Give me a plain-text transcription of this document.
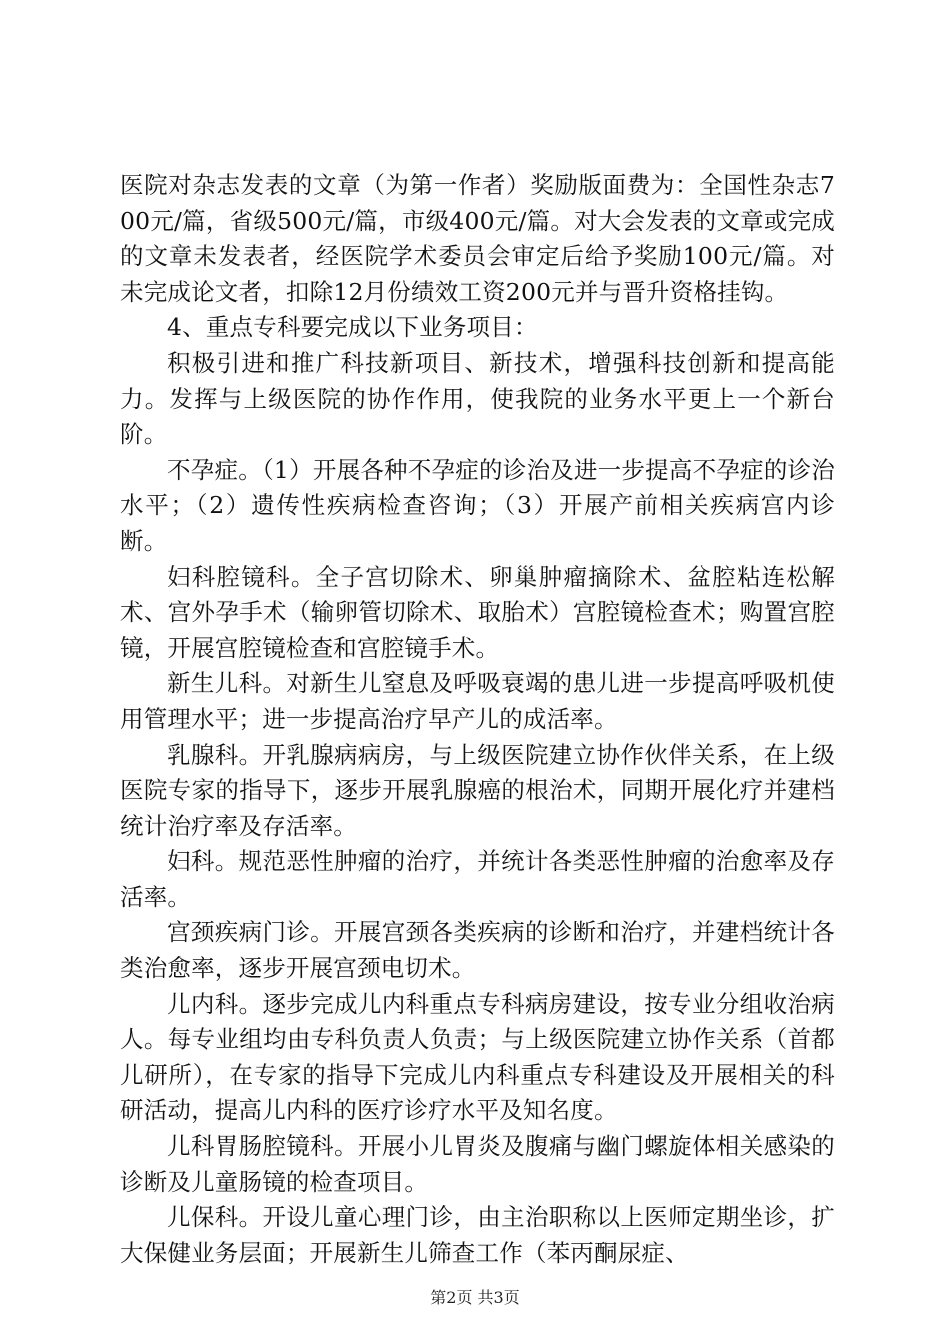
医院对杂志发表的文章（为第一作者）奖励版面费为：全国性杂志700元/篇，省级500元/篇，市级400元/篇。对大会发表的文章或完成的文章未发表者，经医院学术委员会审定后给予奖励100元/篇。对未完成论文者，扣除12月份绩效工资200元并与晋升资格挂钩。

4、重点专科要完成以下业务项目：

积极引进和推广科技新项目、新技术，增强科技创新和提高能力。发挥与上级医院的协作作用，使我院的业务水平更上一个新台阶。

不孕症。（1）开展各种不孕症的诊治及进一步提高不孕症的诊治水平；（2）遗传性疾病检查咨询；（3）开展产前相关疾病宫内诊断。

妇科腔镜科。全子宫切除术、卵巢肿瘤摘除术、盆腔粘连松解术、宫外孕手术（输卵管切除术、取胎术）宫腔镜检查术；购置宫腔镜，开展宫腔镜检查和宫腔镜手术。

新生儿科。对新生儿窒息及呼吸衰竭的患儿进一步提高呼吸机使用管理水平；进一步提高治疗早产儿的成活率。

乳腺科。开乳腺病病房，与上级医院建立协作伙伴关系，在上级医院专家的指导下，逐步开展乳腺癌的根治术，同期开展化疗并建档统计治疗率及存活率。

妇科。规范恶性肿瘤的治疗，并统计各类恶性肿瘤的治愈率及存活率。

宫颈疾病门诊。开展宫颈各类疾病的诊断和治疗，并建档统计各类治愈率，逐步开展宫颈电切术。

儿内科。逐步完成儿内科重点专科病房建设，按专业分组收治病人。每专业组均由专科负责人负责；与上级医院建立协作关系（首都儿研所），在专家的指导下完成儿内科重点专科建设及开展相关的科研活动，提高儿内科的医疗诊疗水平及知名度。

儿科胃肠腔镜科。开展小儿胃炎及腹痛与幽门螺旋体相关感染的诊断及儿童肠镜的检查项目。

儿保科。开设儿童心理门诊，由主治职称以上医师定期坐诊，扩大保健业务层面；开展新生儿筛查工作（苯丙酮尿症、

第2页 共3页
